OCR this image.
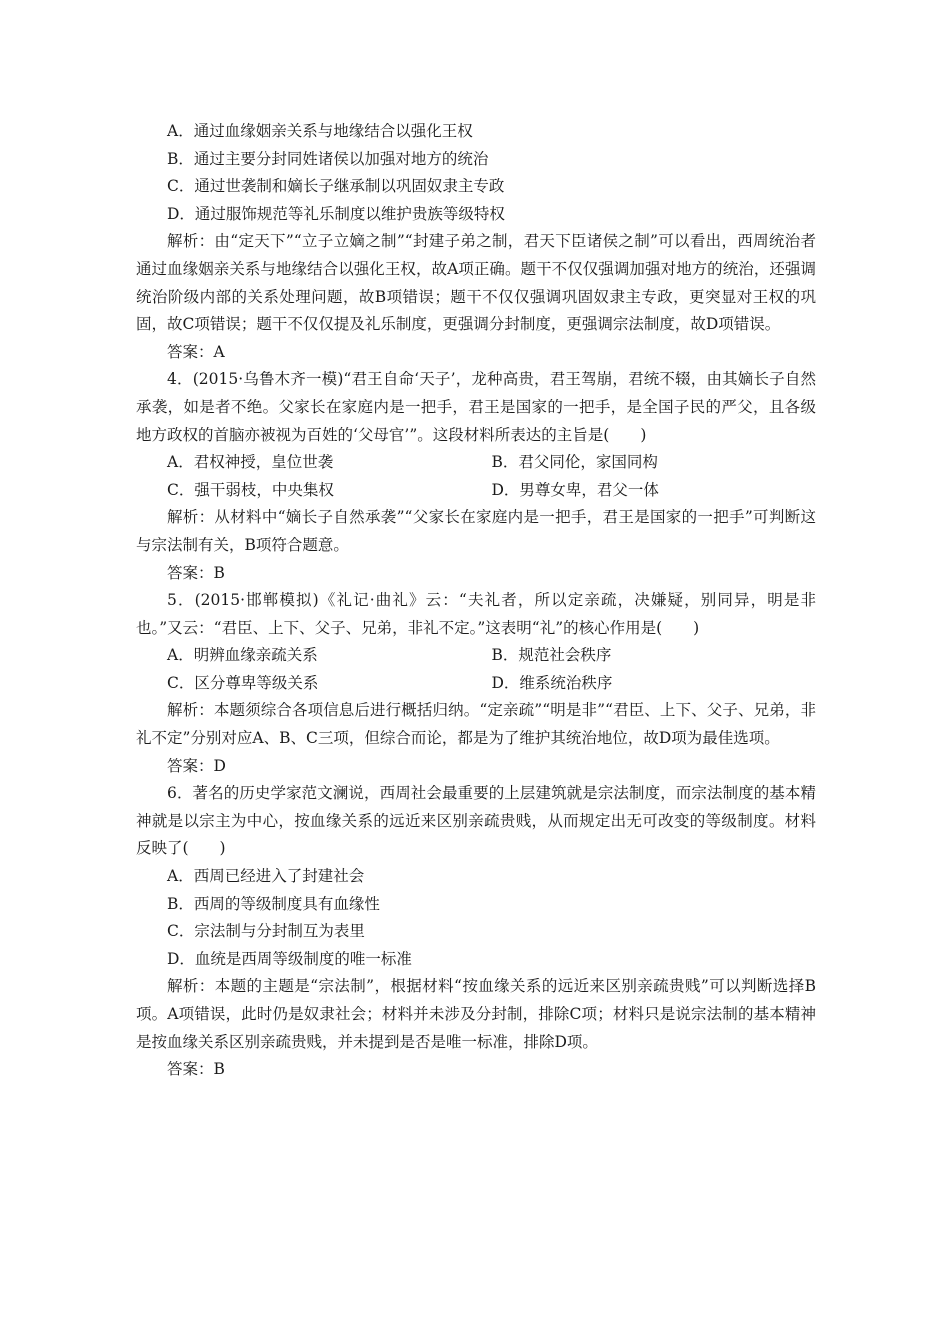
A．通过血缘姻亲关系与地缘结合以强化王权

B．通过主要分封同姓诸侯以加强对地方的统治

C．通过世袭制和嫡长子继承制以巩固奴隶主专政

D．通过服饰规范等礼乐制度以维护贵族等级特权

解析：由“定天下”“立子立嫡之制”“封建子弟之制，君天下臣诸侯之制”可以看出，西周统治者通过血缘姻亲关系与地缘结合以强化王权，故A项正确。题干不仅仅强调加强对地方的统治，还强调统治阶级内部的关系处理问题，故B项错误；题干不仅仅强调巩固奴隶主专政，更突显对王权的巩固，故C项错误；题干不仅仅提及礼乐制度，更强调分封制度，更强调宗法制度，故D项错误。

答案：A

4．(2015·乌鲁木齐一模)“君王自命‘天子’，龙种高贵，君王驾崩，君统不辍，由其嫡长子自然承袭，如是者不绝。父家长在家庭内是一把手，君王是国家的一把手，是全国子民的严父，且各级地方政权的首脑亦被视为百姓的‘父母官’”。这段材料所表达的主旨是(　　)

A．君权神授，皇位世袭	B．君父同伦，家国同构
C．强干弱枝，中央集权	D．男尊女卑，君父一体

解析：从材料中“嫡长子自然承袭”“父家长在家庭内是一把手，君王是国家的一把手”可判断这与宗法制有关，B项符合题意。

答案：B

5．(2015·邯郸模拟)《礼记·曲礼》云：“夫礼者，所以定亲疏，决嫌疑，别同异，明是非也。”又云：“君臣、上下、父子、兄弟，非礼不定。”这表明“礼”的核心作用是(　　)

A．明辨血缘亲疏关系	B．规范社会秩序
C．区分尊卑等级关系	D．维系统治秩序

解析：本题须综合各项信息后进行概括归纳。“定亲疏”“明是非”“君臣、上下、父子、兄弟，非礼不定”分别对应A、B、C三项，但综合而论，都是为了维护其统治地位，故D项为最佳选项。

答案：D

6．著名的历史学家范文澜说，西周社会最重要的上层建筑就是宗法制度，而宗法制度的基本精神就是以宗主为中心，按血缘关系的远近来区别亲疏贵贱，从而规定出无可改变的等级制度。材料反映了(　　)

A．西周已经进入了封建社会

B．西周的等级制度具有血缘性

C．宗法制与分封制互为表里

D．血统是西周等级制度的唯一标准

解析：本题的主题是“宗法制”，根据材料“按血缘关系的远近来区别亲疏贵贱”可以判断选择B项。A项错误，此时仍是奴隶社会；材料并未涉及分封制，排除C项；材料只是说宗法制的基本精神是按血缘关系区别亲疏贵贱，并未提到是否是唯一标准，排除D项。

答案：B
